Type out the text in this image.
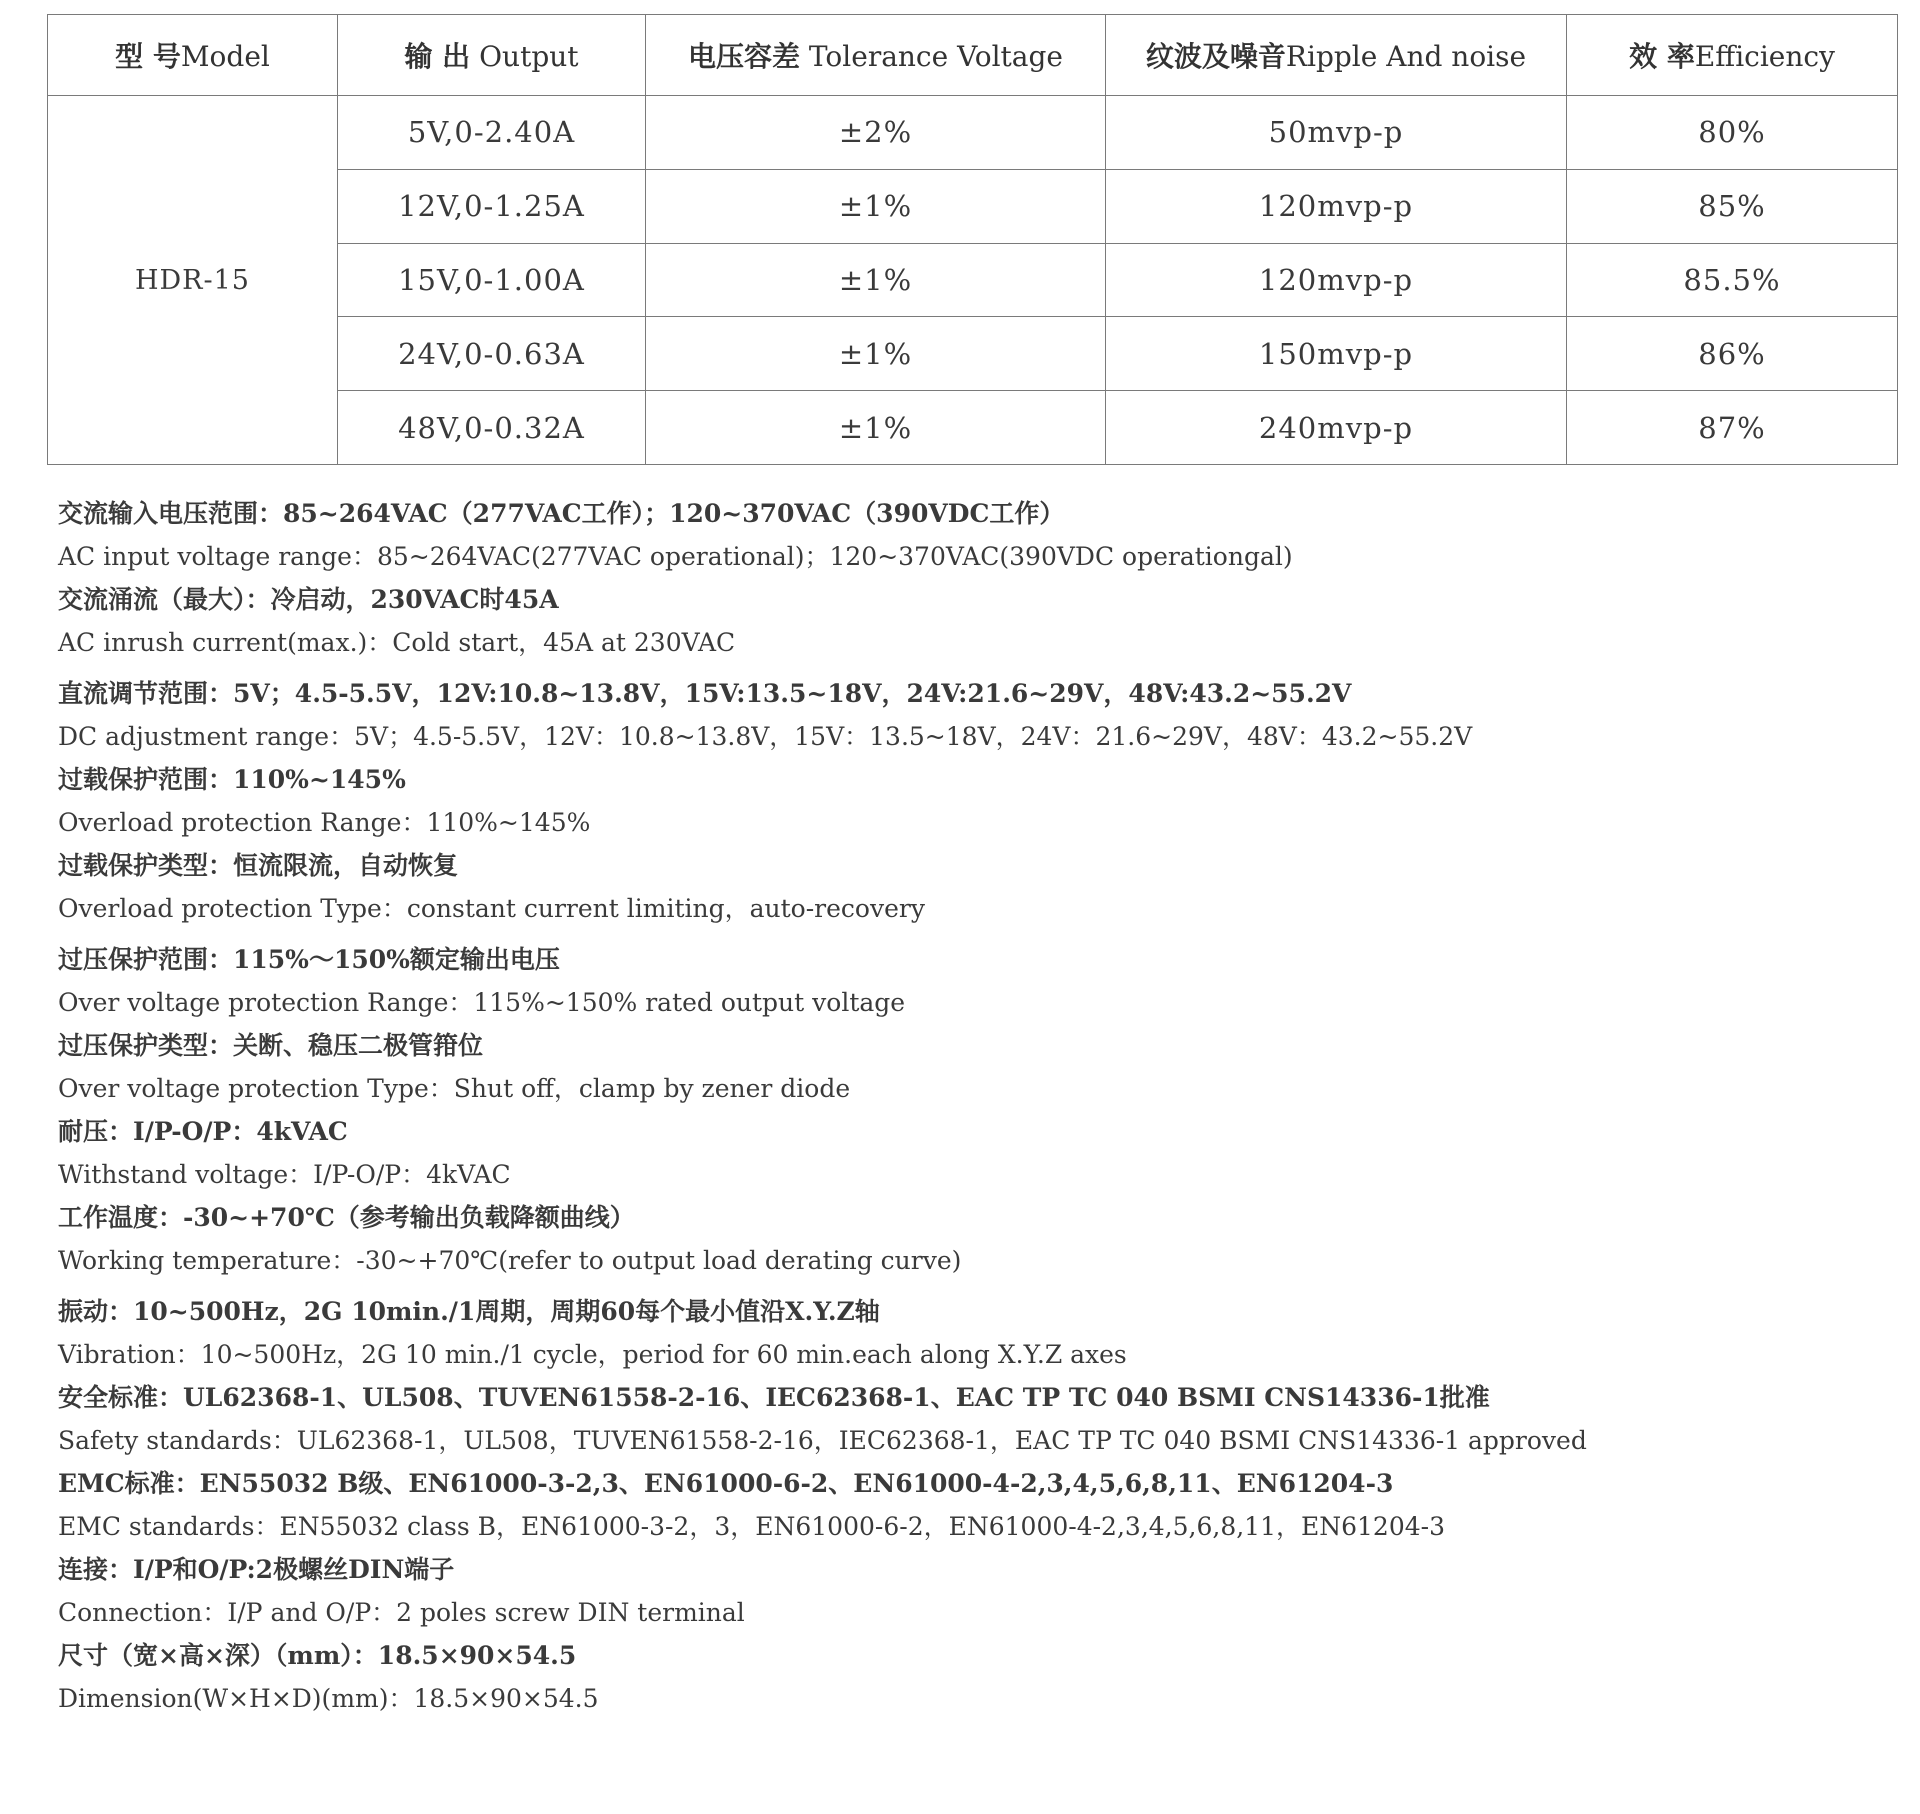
型 号Model	输 出 Output	电压容差 Tolerance Voltage	纹波及噪音Ripple And noise	效 率Efficiency
HDR-15	5V,0-2.40A	±2%	50mvp-p	80%
	12V,0-1.25A	±1%	120mvp-p	85%
	15V,0-1.00A	±1%	120mvp-p	85.5%
	24V,0-0.63A	±1%	150mvp-p	86%
	48V,0-0.32A	±1%	240mvp-p	87%
交流输入电压范围：85~264VAC（277VAC工作）；120~370VAC（390VDC工作）
AC input voltage range：85~264VAC(277VAC operational)；120~370VAC(390VDC operationgal)
交流涌流（最大）：冷启动，230VAC时45A
AC inrush current(max.)：Cold start，45A at 230VAC
直流调节范围：5V；4.5-5.5V，12V:10.8~13.8V，15V:13.5~18V，24V:21.6~29V，48V:43.2~55.2V
DC adjustment range：5V；4.5-5.5V，12V：10.8~13.8V，15V：13.5~18V，24V：21.6~29V，48V：43.2~55.2V
过载保护范围：110%~145%
Overload protection Range：110%~145%
过载保护类型：恒流限流，自动恢复
Overload protection Type：constant current limiting，auto-recovery
过压保护范围：115%～150%额定输出电压
Over voltage protection Range：115%~150% rated output voltage
过压保护类型：关断、稳压二极管箝位
Over voltage protection Type：Shut off，clamp by zener diode
耐压：I/P-O/P：4kVAC
Withstand voltage：I/P-O/P：4kVAC
工作温度：-30~+70℃（参考输出负载降额曲线）
Working temperature：-30~+70℃(refer to output load derating curve)
振动：10~500Hz，2G 10min./1周期，周期60每个最小值沿X.Y.Z轴
Vibration：10~500Hz，2G 10 min./1 cycle，period for 60 min.each along X.Y.Z axes
安全标准：UL62368-1、UL508、TUVEN61558-2-16、IEC62368-1、EAC TP TC 040 BSMI CNS14336-1批准
Safety standards：UL62368-1，UL508，TUVEN61558-2-16，IEC62368-1，EAC TP TC 040 BSMI CNS14336-1 approved
EMC标准：EN55032 B级、EN61000-3-2,3、EN61000-6-2、EN61000-4-2,3,4,5,6,8,11、EN61204-3
EMC standards：EN55032 class B，EN61000-3-2，3，EN61000-6-2，EN61000-4-2,3,4,5,6,8,11，EN61204-3
连接：I/P和O/P:2极螺丝DIN端子
Connection：I/P and O/P：2 poles screw DIN terminal
尺寸（宽×高×深）（mm）：18.5×90×54.5
Dimension(W×H×D)(mm)：18.5×90×54.5
